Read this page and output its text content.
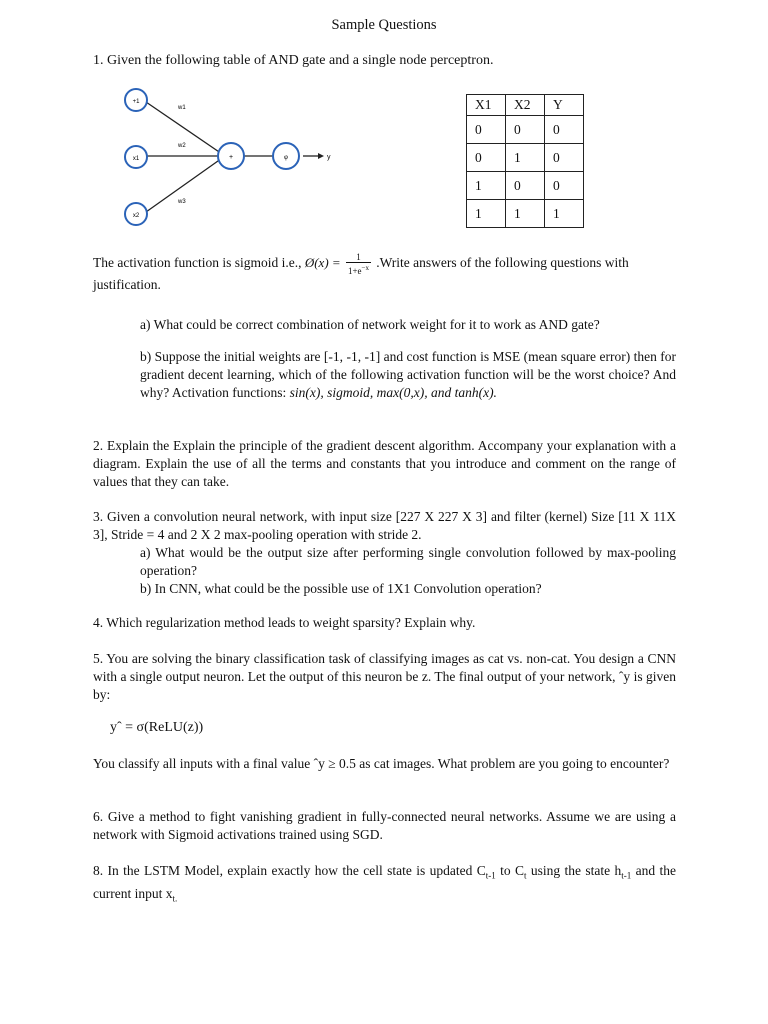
Sample Questions
1. Given the following table of AND gate and a single node perceptron.
+1
x1
x2
+	φ	y
w1
w2
w3
X1	X2	Y
0	0	0
0	1	0
1	0	0
1	1	1
The activation function is sigmoid i.e., Ø(x) = $\frac{1}{1+e^{-x}}$ .Write answers of the following questions with justification.
a) What could be correct combination of network weight for it to work as AND gate?
b) Suppose the initial weights are [-1, -1, -1] and cost function is MSE (mean square error) then for gradient decent learning, which of the following activation function will be the worst choice? And why? Activation functions: sin(x), sigmoid, max(0,x), and tanh(x).
2. Explain the Explain the principle of the gradient descent algorithm. Accompany your explanation with a diagram. Explain the use of all the terms and constants that you introduce and comment on the range of values that they can take.
3. Given a convolution neural network, with input size [227 X 227 X 3] and filter (kernel) Size [11 X 11X 3], Stride = 4 and 2 X 2 max-pooling operation with stride 2.
a) What would be the output size after performing single convolution followed by max-pooling operation?
b) In CNN, what could be the possible use of 1X1 Convolution operation?
4. Which regularization method leads to weight sparsity? Explain why.
5. You are solving the binary classification task of classifying images as cat vs. non-cat. You design a CNN with a single output neuron. Let the output of this neuron be z. The final output of your network, ˆy is given by:
yˆ = σ(ReLU(z))
You classify all inputs with a final value ˆy ≥ 0.5 as cat images. What problem are you going to encounter?
6. Give a method to fight vanishing gradient in fully-connected neural networks. Assume we are using a network with Sigmoid activations trained using SGD.
8. In the LSTM Model, explain exactly how the cell state is updated $C_{t-1}$ to $C_t$ using the state $h_{t-1}$ and the current input $x_{t.}$
